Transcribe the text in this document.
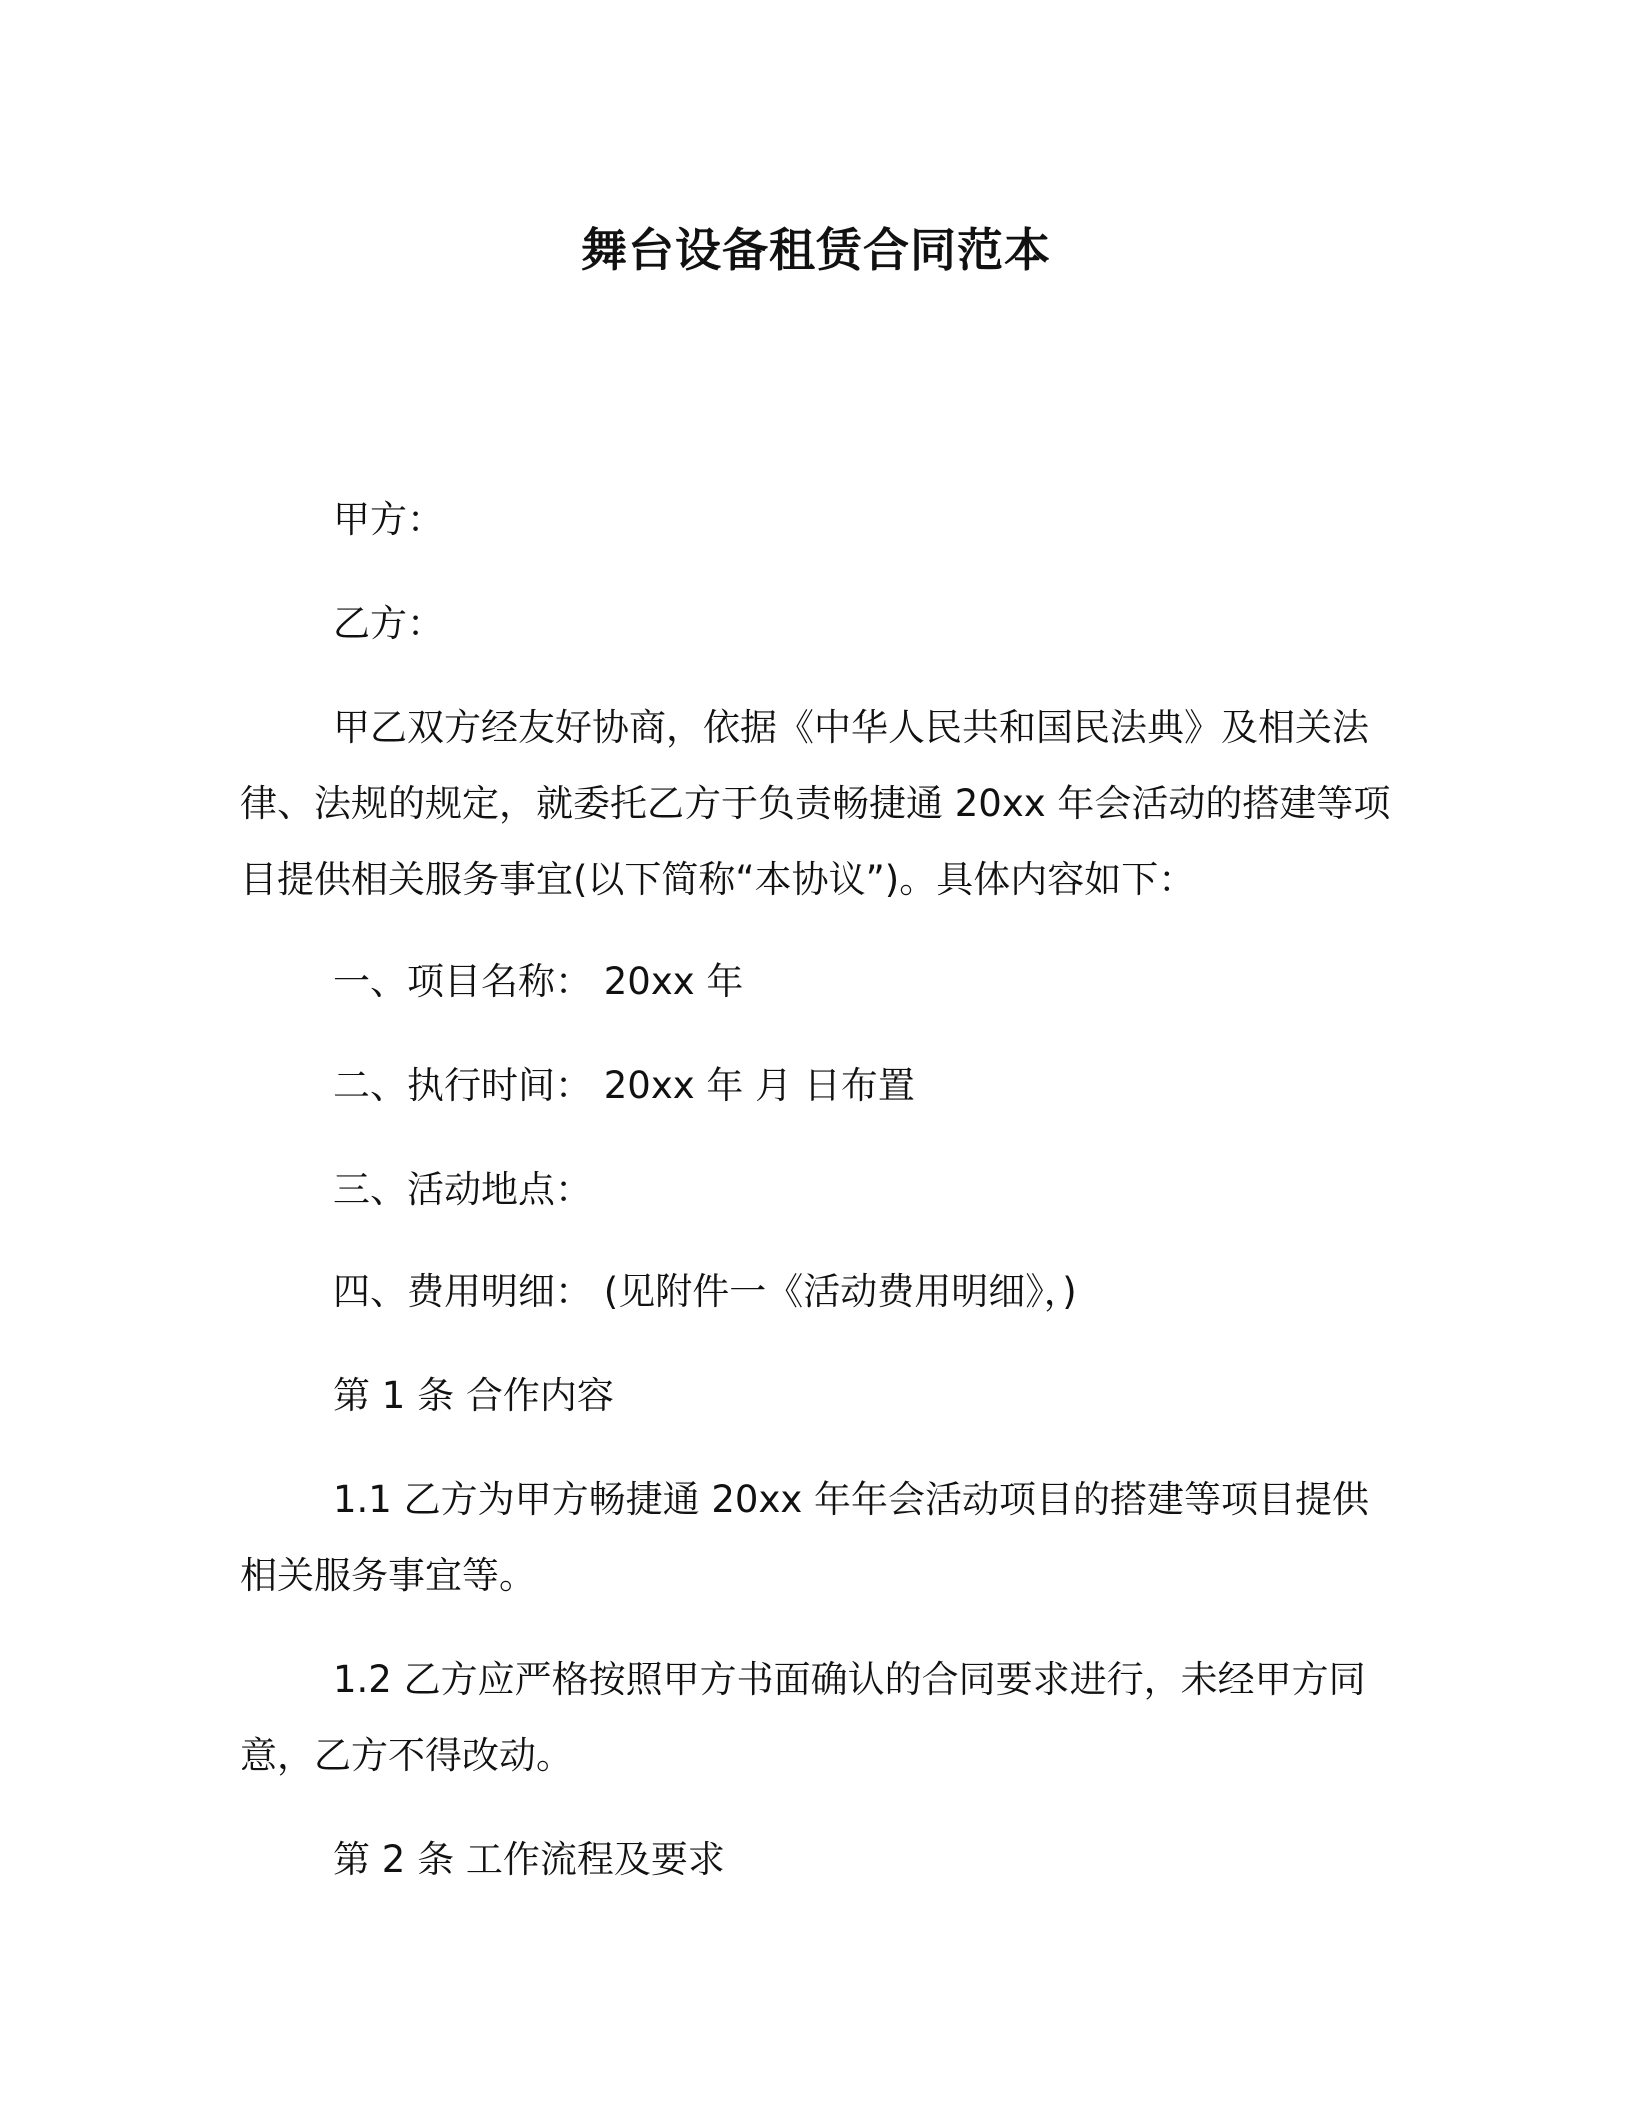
舞台设备租赁合同范本
甲方：
乙方：
甲乙双方经友好协商，依据《中华人民共和国民法典》及相关法
律、法规的规定，就委托乙方于负责畅捷通 20xx 年会活动的搭建等项
目提供相关服务事宜(以下简称“本协议”)。具体内容如下：
一、项目名称： 20xx 年
二、执行时间： 20xx 年 月 日布置
三、活动地点：
四、费用明细： (见附件一《活动费用明细》，)
第 1 条 合作内容
1.1 乙方为甲方畅捷通 20xx 年年会活动项目的搭建等项目提供
相关服务事宜等。
1.2 乙方应严格按照甲方书面确认的合同要求进行，未经甲方同
意，乙方不得改动。
第 2 条 工作流程及要求
